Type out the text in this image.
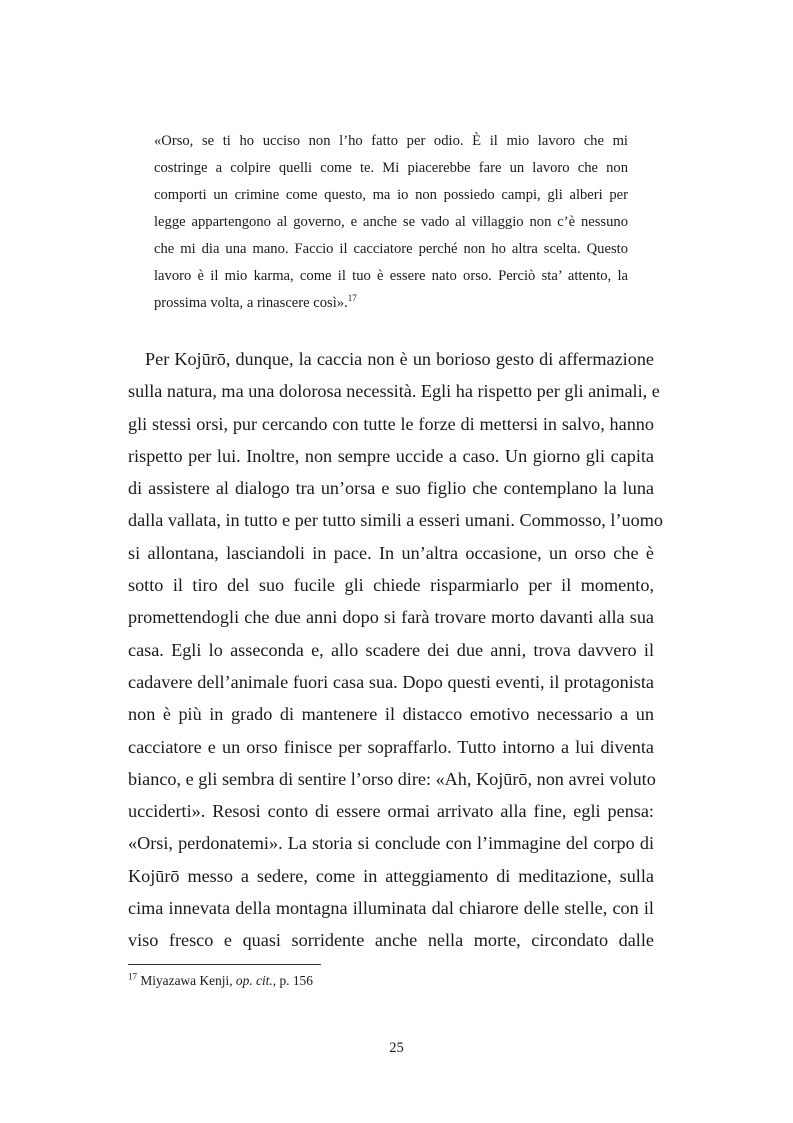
«Orso, se ti ho ucciso non l’ho fatto per odio. È il mio lavoro che mi
costringe a colpire quelli come te. Mi piacerebbe fare un lavoro che non
comporti un crimine come questo, ma io non possiedo campi, gli alberi per
legge appartengono al governo, e anche se vado al villaggio non c’è nessuno
che mi dia una mano. Faccio il cacciatore perché non ho altra scelta. Questo
lavoro è il mio karma, come il tuo è essere nato orso. Perciò sta’ attento, la
prossima volta, a rinascere così».$^{17}$
Per Kojūrō, dunque, la caccia non è un borioso gesto di affermazione
sulla natura, ma una dolorosa necessità. Egli ha rispetto per gli animali, e
gli stessi orsi, pur cercando con tutte le forze di mettersi in salvo, hanno
rispetto per lui. Inoltre, non sempre uccide a caso. Un giorno gli capita
di assistere al dialogo tra un’orsa e suo figlio che contemplano la luna
dalla vallata, in tutto e per tutto simili a esseri umani. Commosso, l’uomo
si allontana, lasciandoli in pace. In un’altra occasione, un orso che è
sotto il tiro del suo fucile gli chiede risparmiarlo per il momento,
promettendogli che due anni dopo si farà trovare morto davanti alla sua
casa. Egli lo asseconda e, allo scadere dei due anni, trova davvero il
cadavere dell’animale fuori casa sua. Dopo questi eventi, il protagonista
non è più in grado di mantenere il distacco emotivo necessario a un
cacciatore e un orso finisce per sopraffarlo. Tutto intorno a lui diventa
bianco, e gli sembra di sentire l’orso dire: «Ah, Kojūrō, non avrei voluto
ucciderti». Resosi conto di essere ormai arrivato alla fine, egli pensa:
«Orsi, perdonatemi». La storia si conclude con l’immagine del corpo di
Kojūrō messo a sedere, come in atteggiamento di meditazione, sulla
cima innevata della montagna illuminata dal chiarore delle stelle, con il
viso fresco e quasi sorridente anche nella morte, circondato dalle

$^{17}$ Miyazawa Kenji, op. cit., p. 156

25
